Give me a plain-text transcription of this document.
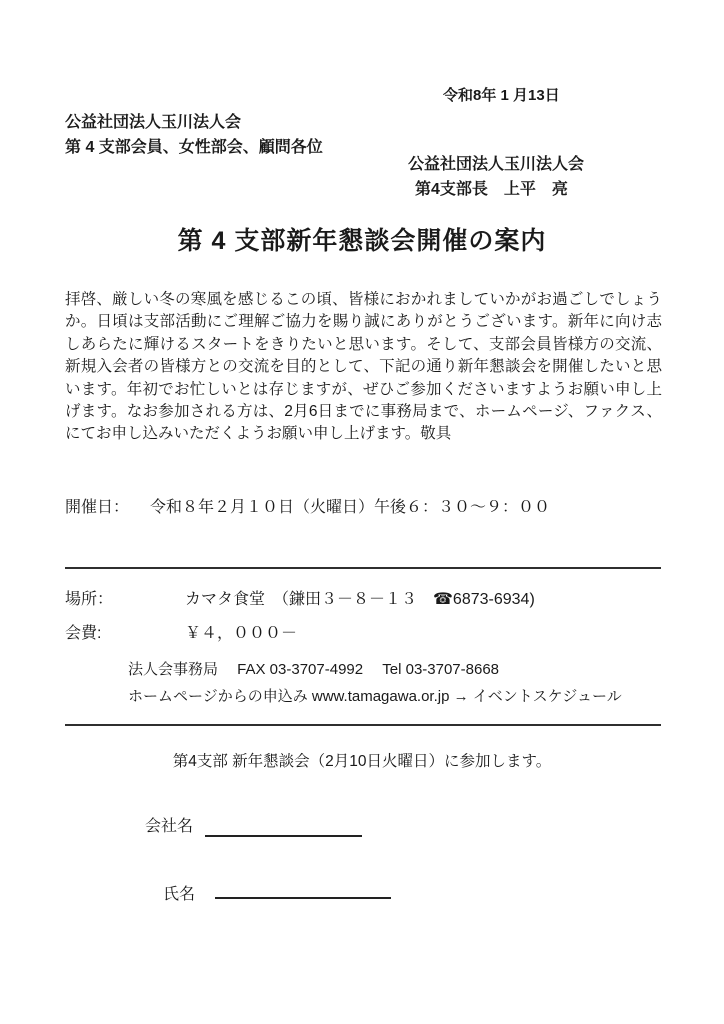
令和8年 1 月13日
公益社団法人玉川法人会
第 4 支部会員、女性部会、顧問各位
公益社団法人玉川法人会
第4支部長　上平　亮
第 4 支部新年懇談会開催の案内
拝啓、厳しい冬の寒風を感じるこの頃、皆様におかれましていかがお過ごしでしょうか。日頃は支部活動にご理解ご協力を賜り誠にありがとうございます。新年に向け志しあらたに輝けるスタートをきりたいと思います。そして、支部会員皆様方の交流、新規入会者の皆様方との交流を目的として、下記の通り新年懇談会を開催したいと思います。年初でお忙しいとは存じますが、ぜひご参加くださいますようお願い申し上げます。なお参加される方は、2月6日までに事務局まで、ホームページ、ファクス、にてお申し込みいただくようお願い申し上げます。敬具
開催日： 令和８年２月１０日（火曜日）午後６：３０～９：００
場所：	カマタ食堂　（鎌田３－８－１３　☎6873-6934)
会費:	￥４，０００－
法人会事務局　 FAX 03-3707-4992 　Tel 03-3707-8668
ホームページからの申込み www.tamagawa.or.jp → イベントスケジュール
第4支部 新年懇談会（2月10日火曜日）に参加します。
会社名
氏名
